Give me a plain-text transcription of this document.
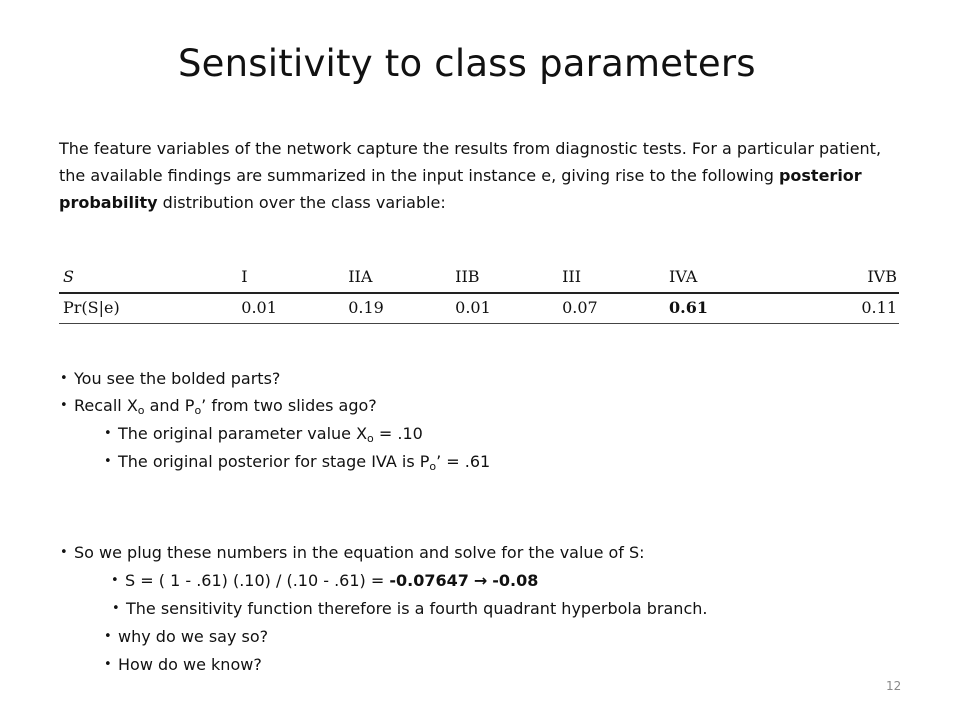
Sensitivity to class parameters

The feature variables of the network capture the results from diagnostic tests. For a particular patient, the available findings are summarized in the input instance e, giving rise to the following posterior probability distribution over the class variable:

S	I	IIA	IIB	III	IVA	IVB
Pr(S|e)	0.01	0.19	0.01	0.07	0.61	0.11
• You see the bolded parts?
• Recall $X_o$ and $P_o$’ from two slides ago?
• The original parameter value $X_o = .10$
• The original posterior for stage IVA is $P_o$’ = .61
• So we plug these numbers in the equation and solve for the value of S:
• S = ( 1 - .61) (.10) / (.10 - .61) = -0.07647 → -0.08
• The sensitivity function therefore is a fourth quadrant hyperbola branch.
• why do we say so?
• How do we know?
12
